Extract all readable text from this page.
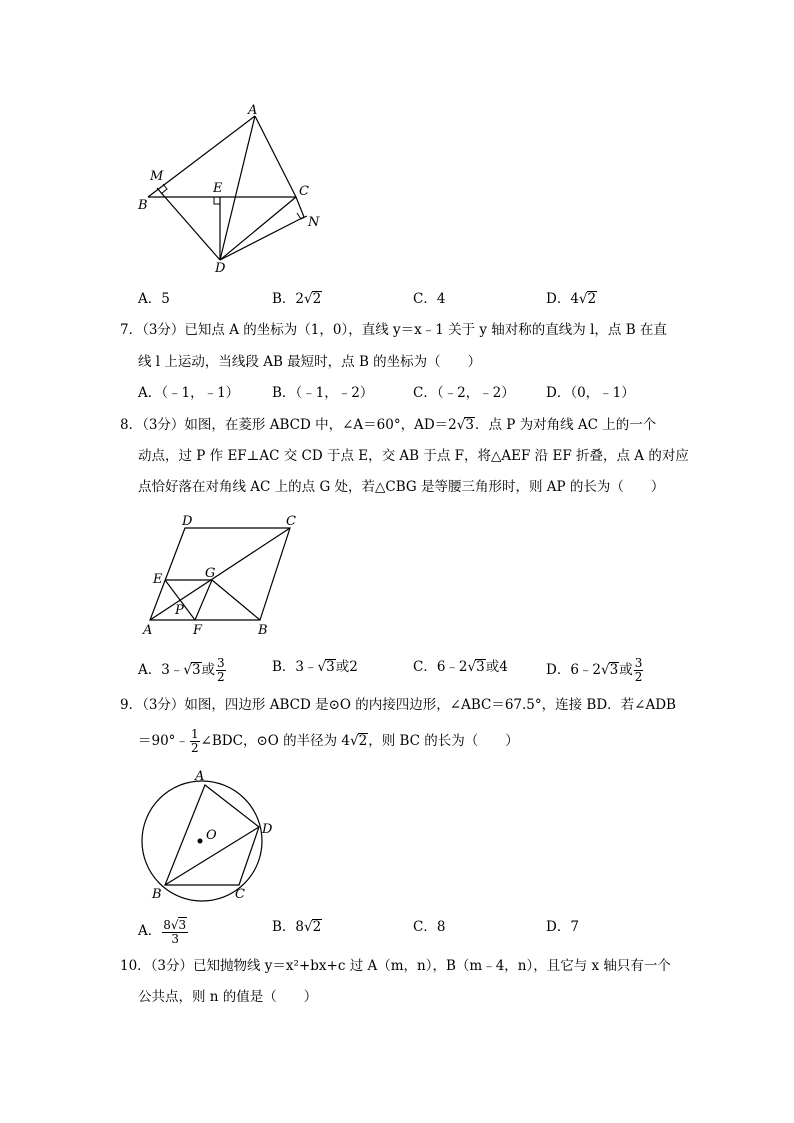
A
M
E	C
B
N
D
A．5	B．2√2	C．4	D．4√2
7．（3分）已知点 A 的坐标为（1，0），直线 y＝x﹣1 关于 y 轴对称的直线为 l，点 B 在直
线 l 上运动，当线段 AB 最短时，点 B 的坐标为（　　）
A．（﹣1，﹣1） B．（﹣1，﹣2）	C．（﹣2，﹣2） D．（0，﹣1）
8．（3分）如图，在菱形 ABCD 中，∠A＝60°，AD＝2√3．点 P 为对角线 AC 上的一个
动点，过 P 作 EF⊥AC 交 CD 于点 E，交 AB 于点 F，将△AEF 沿 EF 折叠，点 A 的对应
点恰好落在对角线 AC 上的点 G 处，若△CBG 是等腰三角形时，则 AP 的长为（　　）
D	C
E	G
P
A	F	B
A．3﹣√3或 $\frac{3}{2}$	B．3﹣√3或2	C．6﹣2√3或4	D．6﹣2√3或 $\frac{3}{2}$
9．（3分）如图，四边形 ABCD 是⊙O 的内接四边形，∠ABC＝67.5°，连接 BD．若∠ADB
＝90°﹣ $\frac{1}{2}$ ∠BDC，⊙O 的半径为 4√2，则 BC 的长为（　　）
A
O	D
B	C
A． $\frac{8√3}{3}$	B．8√2	C．8	D．7
10．（3分）已知抛物线 y＝x²+bx+c 过 A（m，n），B（m﹣4，n），且它与 x 轴只有一个
公共点，则 n 的值是（　　）
